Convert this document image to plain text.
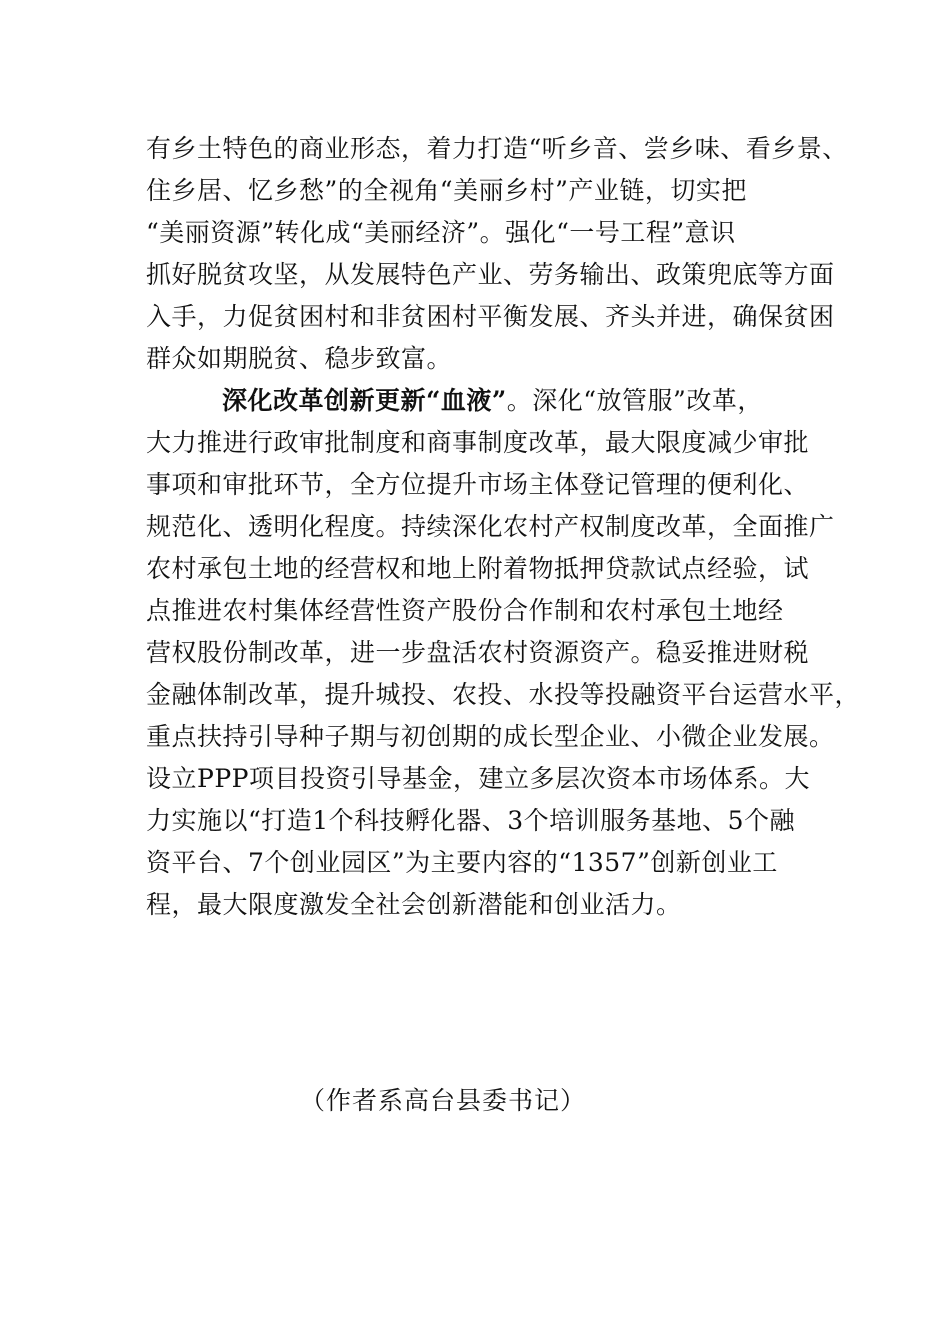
有乡土特色的商业形态，着力打造“听乡音、尝乡味、看乡景、
住乡居、忆乡愁”的全视角“美丽乡村”产业链，切实把
“美丽资源”转化成“美丽经济”。强化“一号工程”意识
抓好脱贫攻坚，从发展特色产业、劳务输出、政策兜底等方面
入手，力促贫困村和非贫困村平衡发展、齐头并进，确保贫困
群众如期脱贫、稳步致富。
深化改革创新更新“血液”。深化“放管服”改革，
大力推进行政审批制度和商事制度改革，最大限度减少审批
事项和审批环节，全方位提升市场主体登记管理的便利化、
规范化、透明化程度。持续深化农村产权制度改革，全面推广
农村承包土地的经营权和地上附着物抵押贷款试点经验，试
点推进农村集体经营性资产股份合作制和农村承包土地经
营权股份制改革，进一步盘活农村资源资产。稳妥推进财税
金融体制改革，提升城投、农投、水投等投融资平台运营水平，
重点扶持引导种子期与初创期的成长型企业、小微企业发展。
设立PPP项目投资引导基金，建立多层次资本市场体系。大
力实施以“打造1个科技孵化器、3个培训服务基地、5个融
资平台、7个创业园区”为主要内容的“1357”创新创业工
程，最大限度激发全社会创新潜能和创业活力。
（作者系高台县委书记）
